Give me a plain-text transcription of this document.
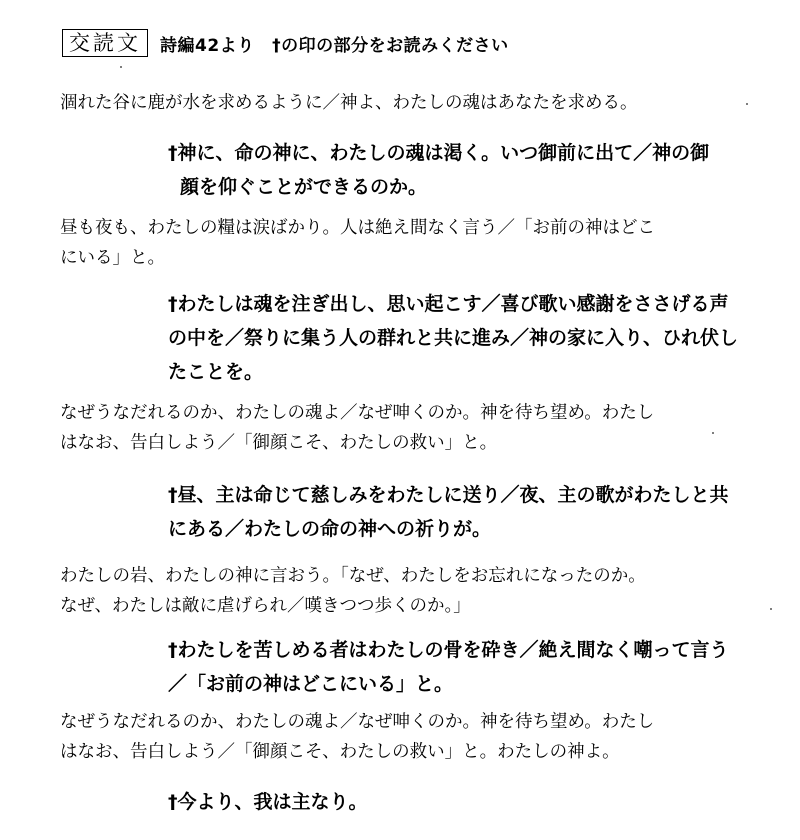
交読文	詩編42より　†の印の部分をお読みください
涸れた谷に鹿が水を求めるように／神よ、わたしの魂はあなたを求める。
†神に、命の神に、わたしの魂は渇く。いつ御前に出て／神の御
顔を仰ぐことができるのか。
昼も夜も、わたしの糧は涙ばかり。人は絶え間なく言う／「お前の神はどこ
にいる」と。
†わたしは魂を注ぎ出し、思い起こす／喜び歌い感謝をささげる声
の中を／祭りに集う人の群れと共に進み／神の家に入り、ひれ伏し
たことを。
なぜうなだれるのか、わたしの魂よ／なぜ呻くのか。神を待ち望め。わたし
はなお、告白しよう／「御顔こそ、わたしの救い」と。
†昼、主は命じて慈しみをわたしに送り／夜、主の歌がわたしと共
にある／わたしの命の神への祈りが。
わたしの岩、わたしの神に言おう。「なぜ、わたしをお忘れになったのか。
なぜ、わたしは敵に虐げられ／嘆きつつ歩くのか。」
†わたしを苦しめる者はわたしの骨を砕き／絶え間なく嘲って言う
／「お前の神はどこにいる」と。
なぜうなだれるのか、わたしの魂よ／なぜ呻くのか。神を待ち望め。わたし
はなお、告白しよう／「御顔こそ、わたしの救い」と。わたしの神よ。
†今より、我は主なり。
